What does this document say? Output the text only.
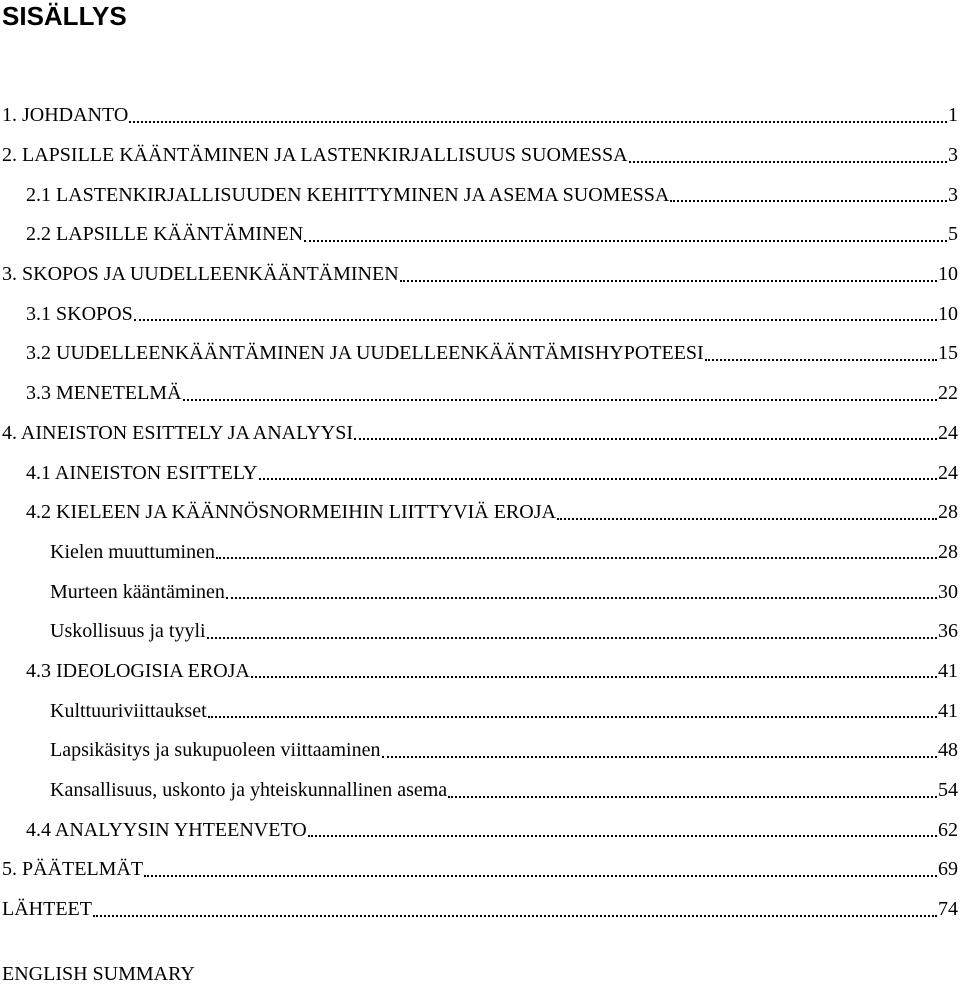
SISÄLLYS
1. JOHDANTO	1
2. LAPSILLE KÄÄNTÄMINEN JA LASTENKIRJALLISUUS SUOMESSA	3
2.1 LASTENKIRJALLISUUDEN KEHITTYMINEN JA ASEMA SUOMESSA	3
2.2 LAPSILLE KÄÄNTÄMINEN	5
3. SKOPOS JA UUDELLEENKÄÄNTÄMINEN	10
3.1 SKOPOS	10
3.2 UUDELLEENKÄÄNTÄMINEN JA UUDELLEENKÄÄNTÄMISHYPOTEESI	15
3.3 MENETELMÄ	22
4. AINEISTON ESITTELY JA ANALYYSI	24
4.1 AINEISTON ESITTELY	24
4.2 KIELEEN JA KÄÄNNÖSNORMEIHIN LIITTYVIÄ EROJA	28
Kielen muuttuminen	28
Murteen kääntäminen	30
Uskollisuus ja tyyli	36
4.3 IDEOLOGISIA EROJA	41
Kulttuuriviittaukset	41
Lapsikäsitys ja sukupuoleen viittaaminen	48
Kansallisuus, uskonto ja yhteiskunnallinen asema	54
4.4 ANALYYSIN YHTEENVETO	62
5. PÄÄTELMÄT	69
LÄHTEET	74
ENGLISH SUMMARY
